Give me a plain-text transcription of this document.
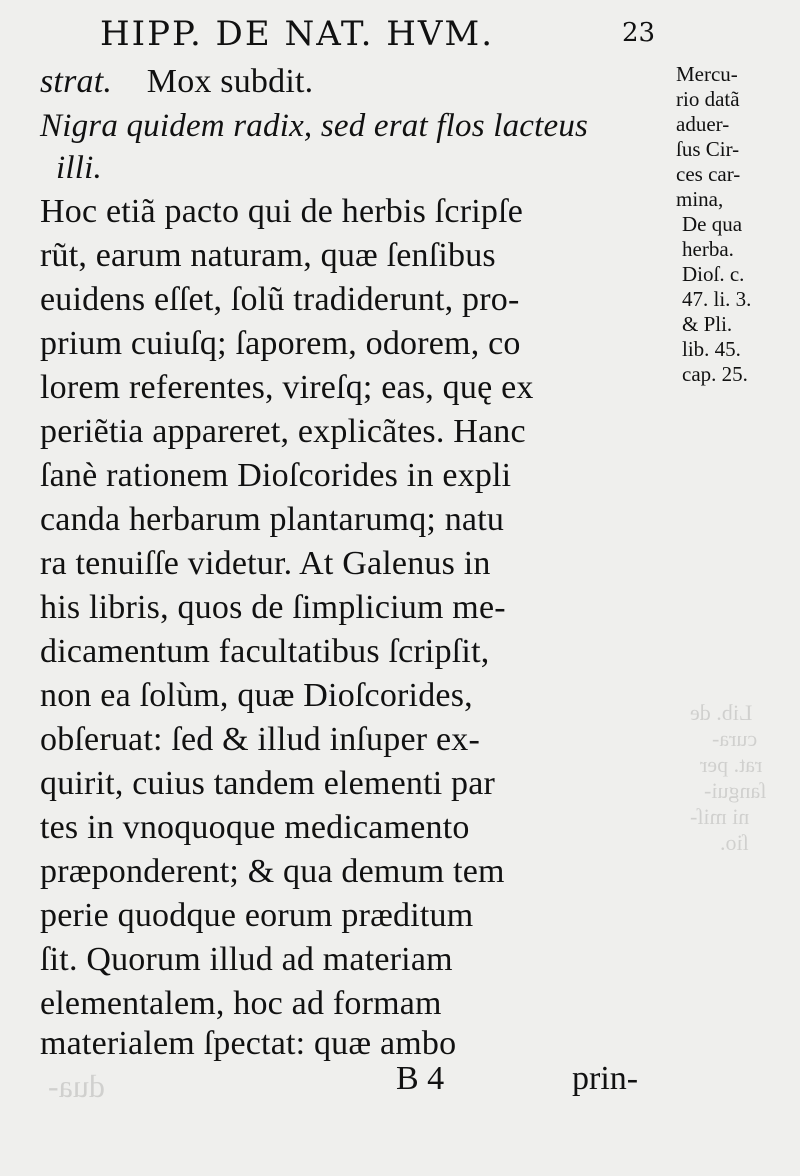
Lib. de
cura-
rat. per
ſangui-
ni miſ-
ſio.
dua-
HIPP. DE NAT. HVM.	23
strat. Mox subdit.
Nigra quidem radix, sed erat flos lacteus
illi.
Hoc etiã pacto qui de herbis ſcripſe
rũt, earum naturam, quæ ſenſibus
euidens eſſet, ſolũ tradiderunt, pro-
prium cuiuſq; ſaporem, odorem, co
lorem referentes, vireſq; eas, quę ex
periẽtia appareret, explicãtes. Hanc
ſanè rationem Dioſcorides in expli
canda herbarum plantarumq; natu
ra tenuiſſe videtur. At Galenus in
his libris, quos de ſimplicium me-
dicamentum facultatibus ſcripſit,
non ea ſolùm, quæ Dioſcorides,
obſeruat: ſed & illud inſuper ex-
quirit, cuius tandem elementi par
tes in vnoquoque medicamento
præponderent; & qua demum tem
perie quodque eorum præditum
ſit. Quorum illud ad materiam
elementalem, hoc ad formam
materialem ſpectat: quæ ambo
Mercu-
rio datã
aduer-
ſus Cir-
ces car-
mina,
De qua
herba.
Dioſ. c.
47. li. 3.
& Pli.
lib. 45.
cap. 25.
B 4	prin-
